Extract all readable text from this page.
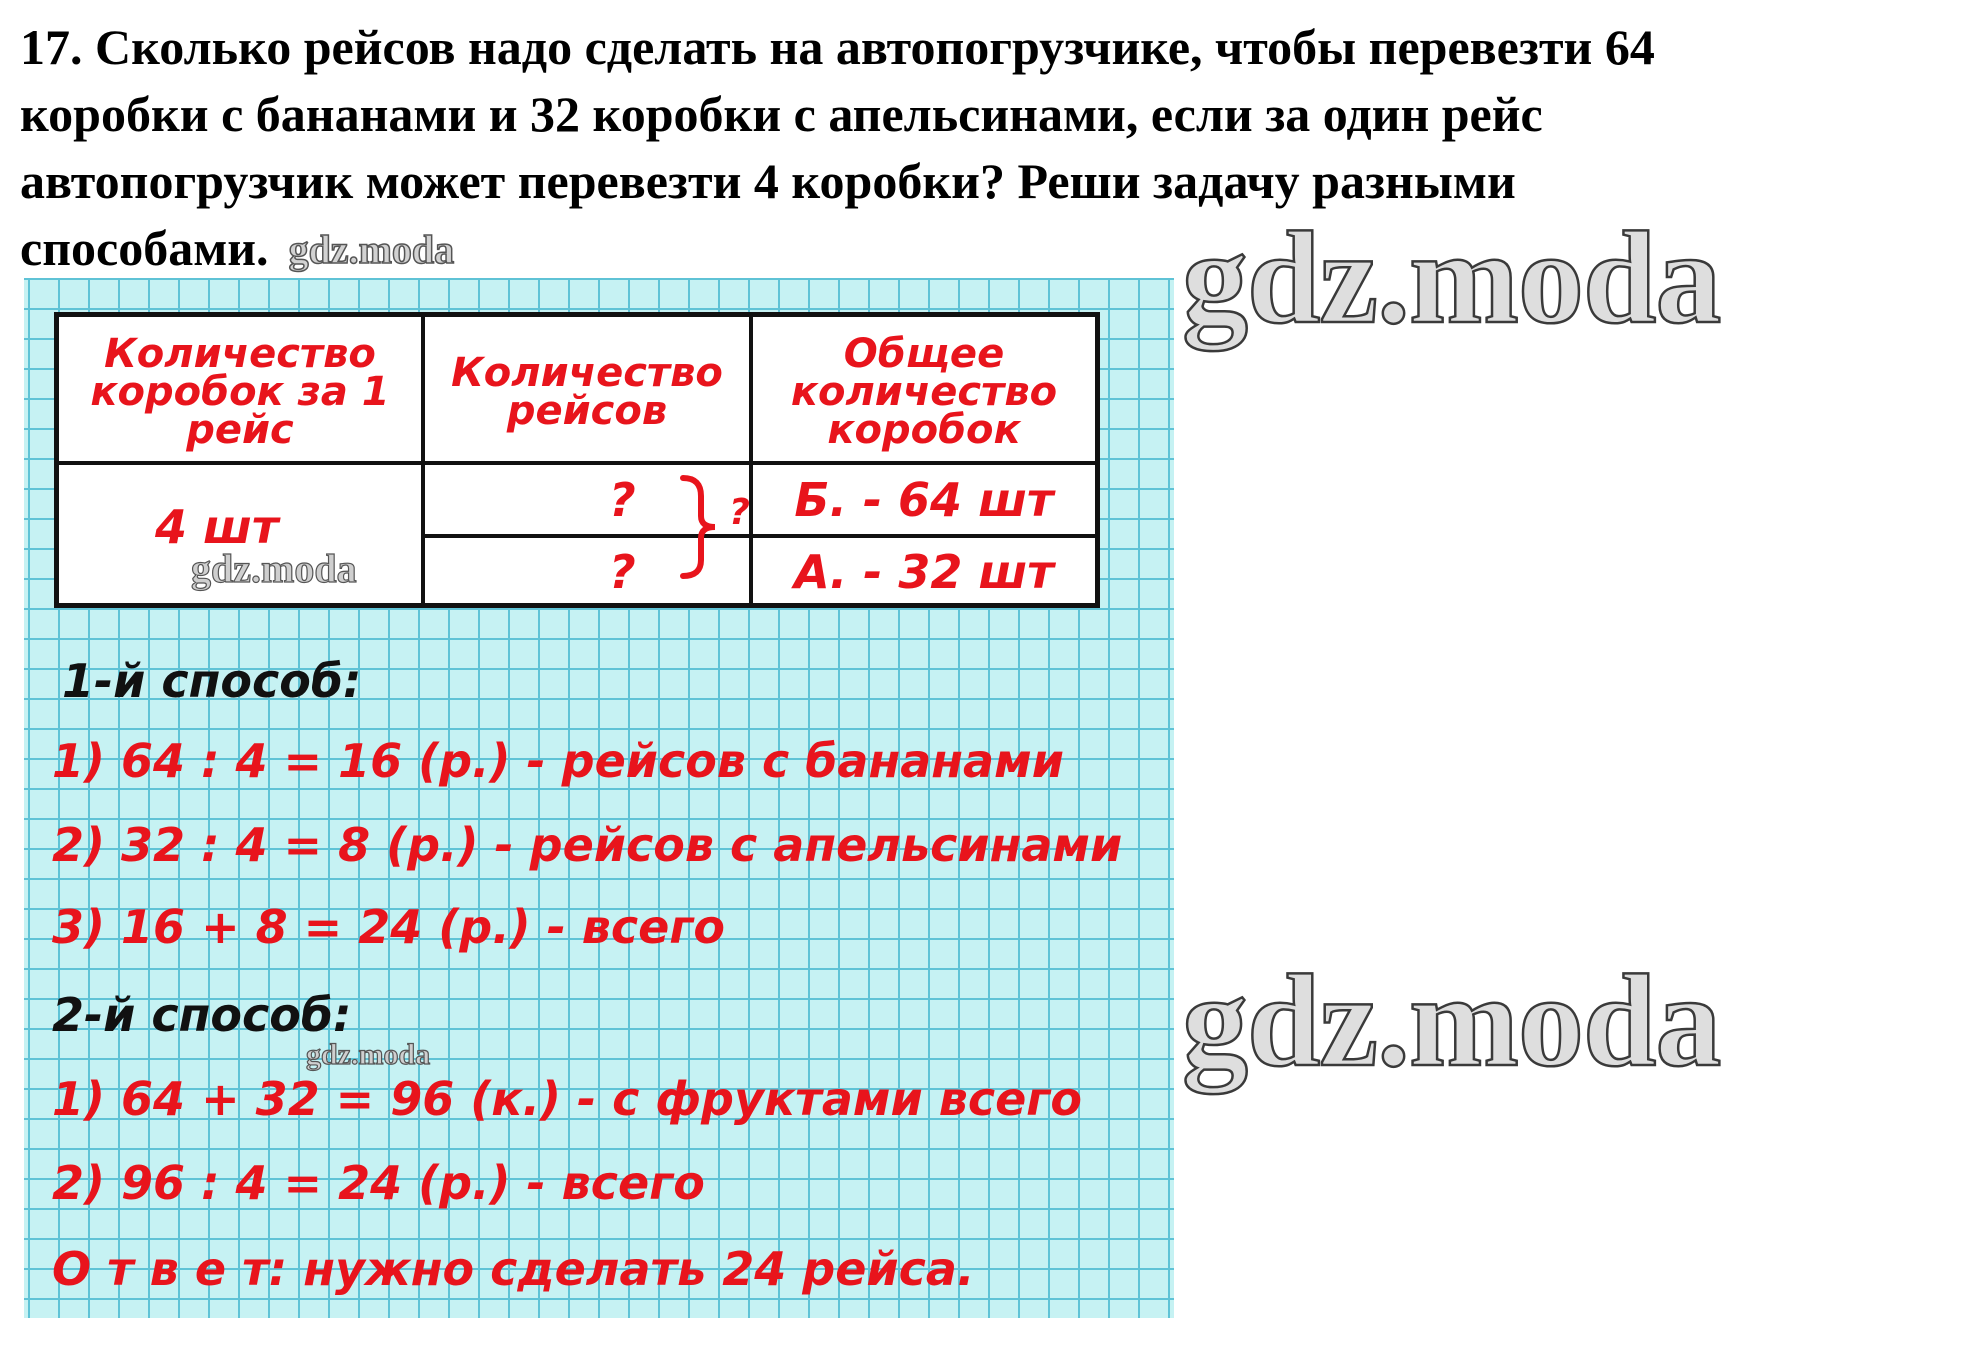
17. Сколько рейсов надо сделать на автопогрузчике, чтобы перевезти 64
коробки с бананами и 32 коробки с апельсинами, если за один рейс
автопогрузчик может перевезти 4 коробки? Реши задачу разными
способами. gdz.moda	gdz.moda
gdz.moda
Количество коробок за 1 рейс
Количество рейсов
Общее количество коробок
4 шт
gdz.moda
?
?
? Б. - 64 шт
А. - 32 шт
1-й способ:
1) 64 : 4 = 16 (р.) - рейсов с бананами
2) 32 : 4 = 8 (р.) - рейсов с апельсинами
3) 16 + 8 = 24 (р.) - всего
2-й способ:
gdz.moda
1) 64 + 32 = 96 (к.) - с фруктами всего
2) 96 : 4 = 24 (р.) - всего
О т в е т: нужно сделать 24 рейса.
